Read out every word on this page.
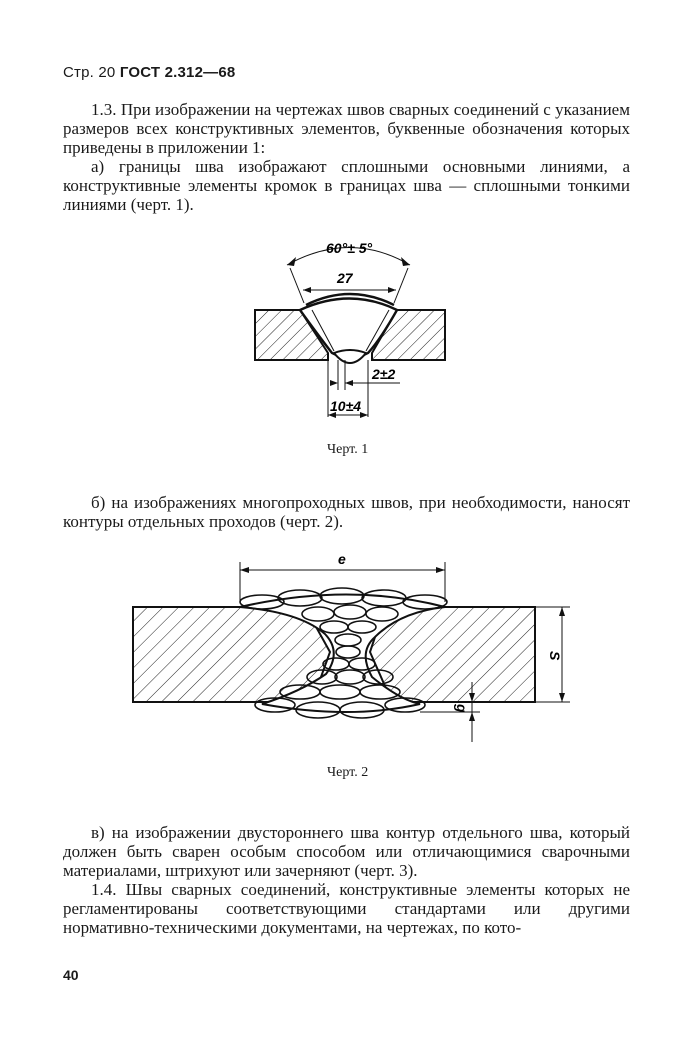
Стр. 20 ГОСТ 2.312—68

1.3. При изображении на чертежах швов сварных соединений с указанием размеров всех конструктивных элементов, буквенные обозначения которых приведены в приложении 1:

а) границы шва изображают сплошными основными линиями, а конструктивные элементы кромок в границах шва — сплошными тонкими линиями (черт. 1).

60°± 5°
27
2±2
10±4
Черт. 1

б) на изображениях многопроходных швов, при необходимости, наносят контуры отдельных проходов (черт. 2).

e
S
g
Черт. 2

в) на изображении двустороннего шва контур отдельного шва, который должен быть сварен особым способом или отличающимися сварочными материалами, штрихуют или зачерняют (черт. 3).

1.4. Швы сварных соединений, конструктивные элементы которых не регламентированы соответствующими стандартами или другими нормативно-техническими документами, на чертежах, по кото-

40
